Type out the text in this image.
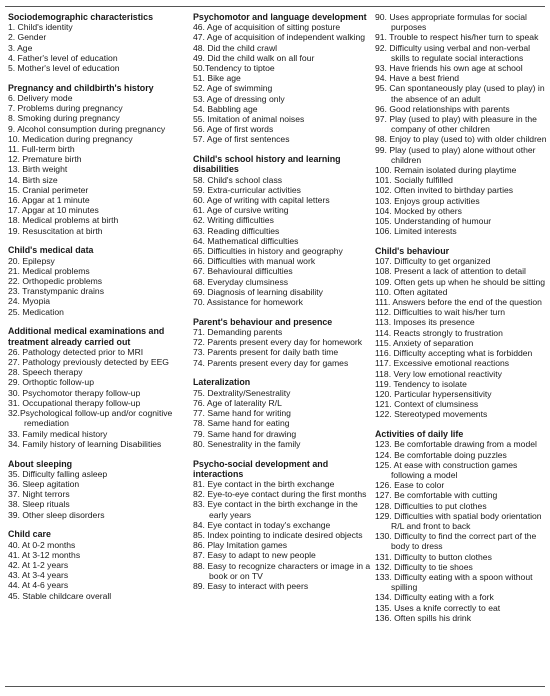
Sociodemographic characteristics
1. Child's identity
2. Gender
3. Age
4. Father's level of education
5. Mother's level of education
Pregnancy and childbirth's history
6. Delivery mode
7. Problems during pregnancy
8. Smoking during pregnancy
9. Alcohol consumption during pregnancy
10. Medication during pregnancy
11. Full-term birth
12. Premature birth
13. Birth weight
14. Birth size
15. Cranial perimeter
16. Apgar at 1 minute
17. Apgar at 10 minutes
18. Medical problems at birth
19. Resuscitation at birth
Child's medical data
20. Epilepsy
21. Medical problems
22. Orthopedic problems
23. Transtympanic drains
24. Myopia
25. Medication
Additional medical examinations and treatment already carried out
26. Pathology detected prior to MRI
27. Pathology previously detected by EEG
28. Speech therapy
29. Orthoptic follow-up
30. Psychomotor therapy follow-up
31. Occupational therapy follow-up
32.Psychological follow-up and/or cognitive remediation
33. Family medical history
34. Family history of learning Disabilities
About sleeping
35. Difficulty falling asleep
36. Sleep agitation
37. Night terrors
38. Sleep rituals
39. Other sleep disorders
Child care
40. At 0-2 months
41. At 3-12 months
42. At 1-2 years
43. At 3-4 years
44. At 4-6 years
45. Stable childcare overall
Psychomotor and language development
46. Age of acquisition of sitting posture
47. Age of acquisition of independent walking
48. Did the child crawl
49. Did the child walk on all four
50.Tendency to tiptoe
51. Bike age
52. Age of swimming
53. Age of dressing only
54. Babbling age
55. Imitation of animal noises
56. Age of first words
57. Age of first sentences
Child's school history and learning disabilities
58. Child's school class
59. Extra-curricular activities
60. Age of writing with capital letters
61. Age of cursive writing
62. Writing difficulties
63. Reading difficulties
64. Mathematical difficulties
65. Difficulties in history and geography
66. Difficulties with manual work
67. Behavioural difficulties
68. Everyday clumsiness
69. Diagnosis of learning disability
70. Assistance for homework
Parent's behaviour and presence
71. Demanding parents
72. Parents present every day for homework
73. Parents present for daily bath time
74. Parents present every day for games
Lateralization
75. Dextrality/Senestrality
76. Age of laterality R/L
77. Same hand for writing
78. Same hand for eating
79. Same hand for drawing
80. Senestrality in the family
Psycho-social development and interactions
81. Eye contact in the birth exchange
82. Eye-to-eye contact during the first months
83. Eye contact in the birth exchange in the early years
84. Eye contact in today's exchange
85. Index pointing to indicate desired objects
86. Play Imitation games
87. Easy to adapt to new people
88. Easy to recognize characters or image in a book or on TV
89. Easy to interact with peers
90. Uses appropriate formulas for social purposes
91. Trouble to respect his/her turn to speak
92. Difficulty using verbal and non-verbal skills to regulate social interactions
93. Have friends his own age at school
94. Have a best friend
95. Can spontaneously play (used to play) in the absence of an adult
96. Good relationships with parents
97. Play (used to play) with pleasure in the company of other children
98. Enjoy to play (used to) with older children
99. Play (used to play) alone without other children
100. Remain isolated during playtime
101. Socially fulfilled
102. Often invited to birthday parties
103. Enjoys group activities
104. Mocked by others
105. Understanding of humour
106. Limited interests
Child's behaviour
107. Difficulty to get organized
108. Present a lack of attention to detail
109. Often gets up when he should be sitting
110. Often agitated
111. Answers before the end of the question
112. Difficulties to wait his/her turn
113. Imposes its presence
114. Reacts strongly to frustration
115. Anxiety of separation
116. Difficulty accepting what is forbidden
117. Excessive emotional reactions
118. Very low emotional reactivity
119. Tendency to isolate
120. Particular hypersensitivity
121. Context of clumsiness
122. Stereotyped movements
Activities of daily life
123. Be comfortable drawing from a model
124. Be comfortable doing puzzles
125. At ease with construction games following a model
126. Ease to color
127. Be comfortable with cutting
128. Difficulties to put clothes
129. Difficulties with spatial body orientation R/L and front to back
130. Difficulty to find the correct part of the body to dress
131. Difficulty to button clothes
132. Difficulty to tie shoes
133. Difficulty eating with a spoon without spilling
134. Difficulty eating with a fork
135. Uses a knife correctly to eat
136. Often spills his drink
